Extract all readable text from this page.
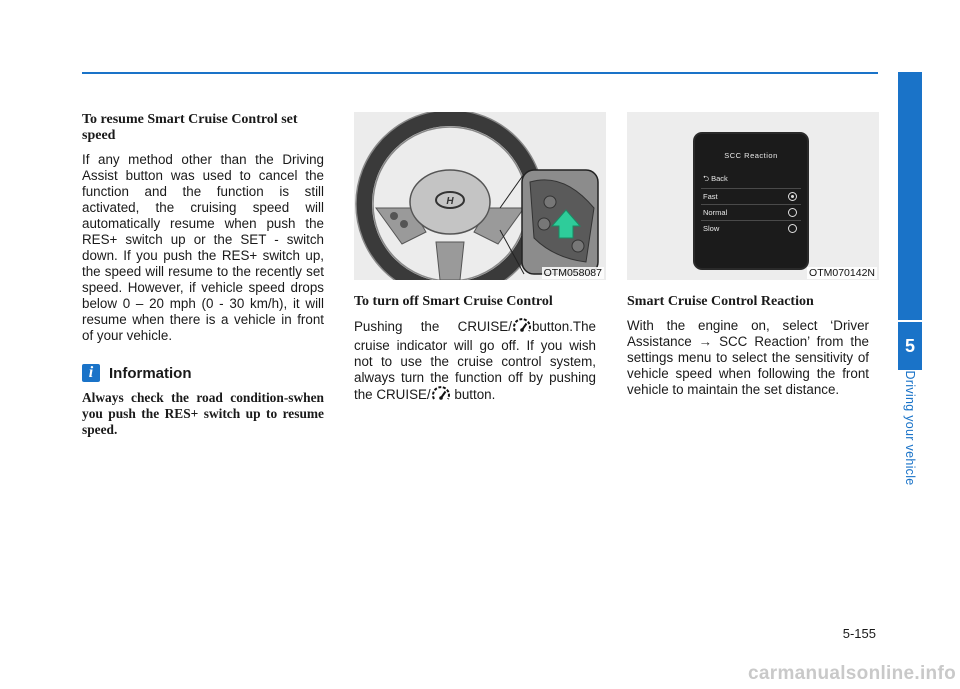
To resume Smart Cruise Control set speed

If any method other than the Driving Assist button was used to cancel the function and the function is still activated, the cruising speed will automatically resume when push the RES+ switch up or the SET - switch down. If you push the RES+ switch up, the speed will resume to the recently set speed. However, if vehicle speed drops below 0 – 20 mph (0 - 30 km/h), it will resume when there is a vehicle in front of your vehicle.

i	Information

Always check the road condition-swhen you push the RES+ switch up to resume speed.

H
OTM058087
To turn off Smart Cruise Control

Pushing the CRUISE/ button.The cruise indicator will go off. If you wish not to use the cruise control system, always turn the function off by pushing the CRUISE/ button.

SCC Reaction
⮌ Back
Fast
Normal
Slow
OTM070142N
Smart Cruise Control Reaction

With the engine on, select ‘Driver Assistance → SCC Reaction’ from the settings menu to select the sensitivity of vehicle speed when following the front vehicle to maintain the set distance.

5
Driving your vehicle
5-155
carmanualsonline.info
